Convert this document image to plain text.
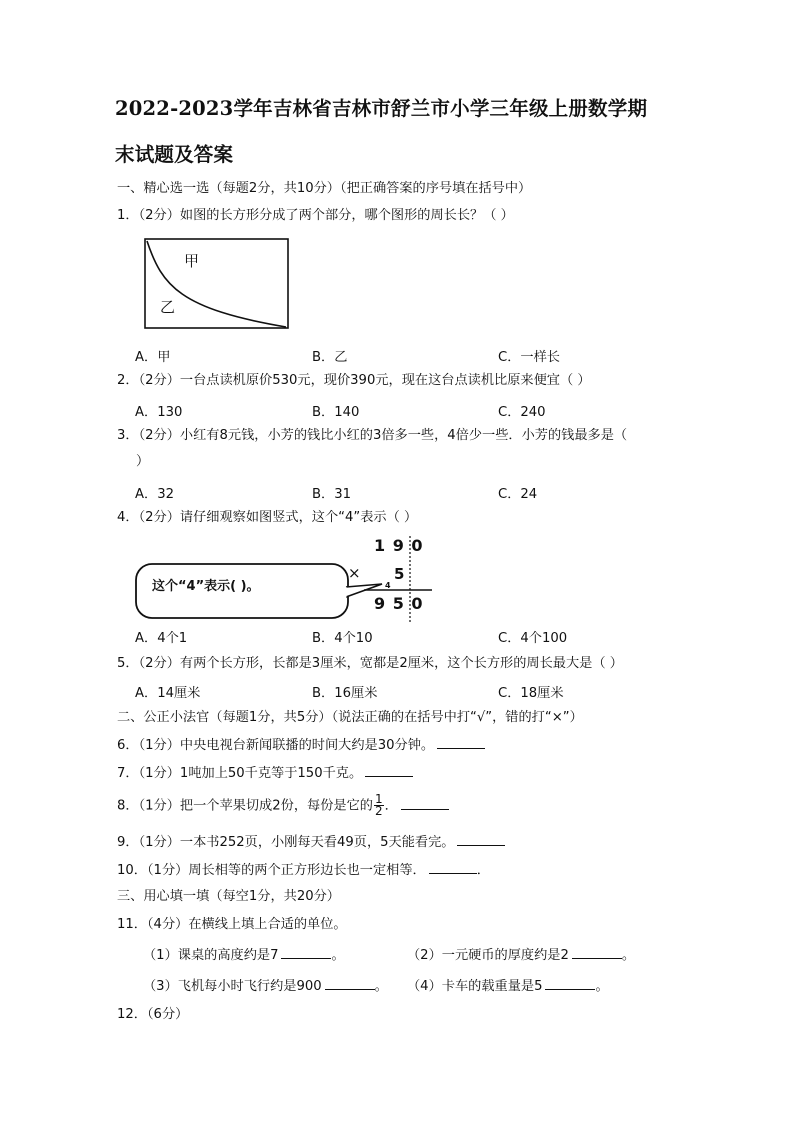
2022-2023学年吉林省吉林市舒兰市小学三年级上册数学期
末试题及答案
一、精心选一选（每题2分，共10分）（把正确答案的序号填在括号中）
1．（2分）如图的长方形分成了两个部分，哪个图形的周长长？（ ）
甲
乙
A．甲	B．乙	C．一样长
2．（2分）一台点读机原价530元，现价390元，现在这台点读机比原来便宜（ ）
A．130	B．140	C．240
3．（2分）小红有8元钱，小芳的钱比小红的3倍多一些，4倍少一些．小芳的钱最多是（
）
A．32	B．31	C．24
4．（2分）请仔细观察如图竖式，这个“4”表示（ ）
这个“4”表示( )。
1 9 0
× 5
4
9 5 0
A．4个1	B．4个10	C．4个100
5．（2分）有两个长方形，长都是3厘米，宽都是2厘米，这个长方形的周长最大是（ ）
A．14厘米	B．16厘米	C．18厘米
二、公正小法官（每题1分，共5分）（说法正确的在括号中打“√”，错的打“×”）
6．（1分）中央电视台新闻联播的时间大约是30分钟。
7．（1分）1吨加上50千克等于150千克。
8．（1分）把一个苹果切成2份，每份是它的 $\frac{1}{2}$ ．
9．（1分）一本书252页，小刚每天看49页，5天能看完。
10．（1分）周长相等的两个正方形边长也一定相等．	．
三、用心填一填（每空1分，共20分）
11．（4分）在横线上填上合适的单位。
（1）课桌的高度约是7	。	（2）一元硬币的厚度约是2	。
（3）飞机每小时飞行约是900	。 （4）卡车的载重量是5	。
12．（6分）
